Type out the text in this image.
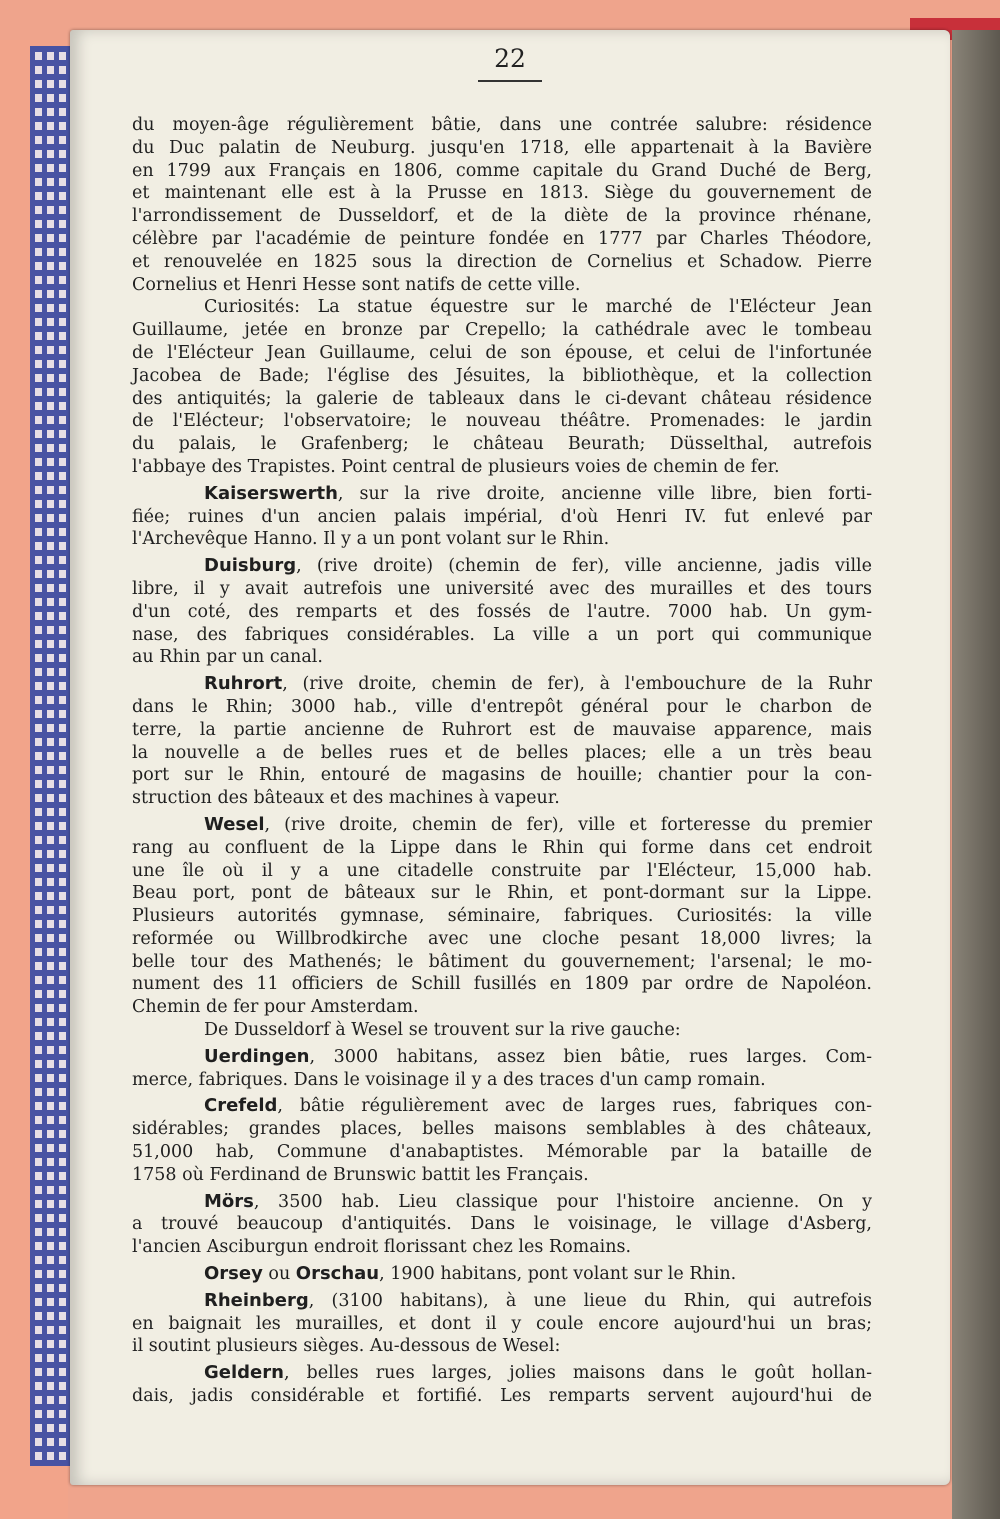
22
du moyen-âge régulièrement bâtie, dans une contrée salubre: résidence
du Duc palatin de Neuburg. jusqu'en 1718, elle appartenait à la Bavière
en 1799 aux Français en 1806, comme capitale du Grand Duché de Berg,
et maintenant elle est à la Prusse en 1813. Siège du gouvernement de
l'arrondissement de Dusseldorf, et de la diète de la province rhénane,
célèbre par l'académie de peinture fondée en 1777 par Charles Théodore,
et renouvelée en 1825 sous la direction de Cornelius et Schadow. Pierre
Cornelius et Henri Hesse sont natifs de cette ville.
Curiosités: La statue équestre sur le marché de l'Elécteur Jean
Guillaume, jetée en bronze par Crepello; la cathédrale avec le tombeau
de l'Elécteur Jean Guillaume, celui de son épouse, et celui de l'infortunée
Jacobea de Bade; l'église des Jésuites, la bibliothèque, et la collection
des antiquités; la galerie de tableaux dans le ci-devant château résidence
de l'Elécteur; l'observatoire; le nouveau théâtre. Promenades: le jardin
du palais, le Grafenberg; le château Beurath; Düsselthal, autrefois
l'abbaye des Trapistes. Point central de plusieurs voies de chemin de fer.
Kaiserswerth, sur la rive droite, ancienne ville libre, bien forti-
fiée; ruines d'un ancien palais impérial, d'où Henri IV. fut enlevé par
l'Archevêque Hanno. Il y a un pont volant sur le Rhin.
Duisburg, (rive droite) (chemin de fer), ville ancienne, jadis ville
libre, il y avait autrefois une université avec des murailles et des tours
d'un coté, des remparts et des fossés de l'autre. 7000 hab. Un gym-
nase, des fabriques considérables. La ville a un port qui communique
au Rhin par un canal.
Ruhrort, (rive droite, chemin de fer), à l'embouchure de la Ruhr
dans le Rhin; 3000 hab., ville d'entrepôt général pour le charbon de
terre, la partie ancienne de Ruhrort est de mauvaise apparence, mais
la nouvelle a de belles rues et de belles places; elle a un très beau
port sur le Rhin, entouré de magasins de houille; chantier pour la con-
struction des bâteaux et des machines à vapeur.
Wesel, (rive droite, chemin de fer), ville et forteresse du premier
rang au confluent de la Lippe dans le Rhin qui forme dans cet endroit
une île où il y a une citadelle construite par l'Elécteur, 15,000 hab.
Beau port, pont de bâteaux sur le Rhin, et pont-dormant sur la Lippe.
Plusieurs autorités gymnase, séminaire, fabriques. Curiosités: la ville
reformée ou Willbrodkirche avec une cloche pesant 18,000 livres; la
belle tour des Mathenés; le bâtiment du gouvernement; l'arsenal; le mo-
nument des 11 officiers de Schill fusillés en 1809 par ordre de Napoléon.
Chemin de fer pour Amsterdam.
De Dusseldorf à Wesel se trouvent sur la rive gauche:
Uerdingen, 3000 habitans, assez bien bâtie, rues larges. Com-
merce, fabriques. Dans le voisinage il y a des traces d'un camp romain.
Crefeld, bâtie régulièrement avec de larges rues, fabriques con-
sidérables; grandes places, belles maisons semblables à des châteaux,
51,000 hab, Commune d'anabaptistes. Mémorable par la bataille de
1758 où Ferdinand de Brunswic battit les Français.
Mörs, 3500 hab. Lieu classique pour l'histoire ancienne. On y
a trouvé beaucoup d'antiquités. Dans le voisinage, le village d'Asberg,
l'ancien Asciburgun endroit florissant chez les Romains.
Orsey ou Orschau, 1900 habitans, pont volant sur le Rhin.
Rheinberg, (3100 habitans), à une lieue du Rhin, qui autrefois
en baignait les murailles, et dont il y coule encore aujourd'hui un bras;
il soutint plusieurs sièges. Au-dessous de Wesel:
Geldern, belles rues larges, jolies maisons dans le goût hollan-
dais, jadis considérable et fortifié. Les remparts servent aujourd'hui de
